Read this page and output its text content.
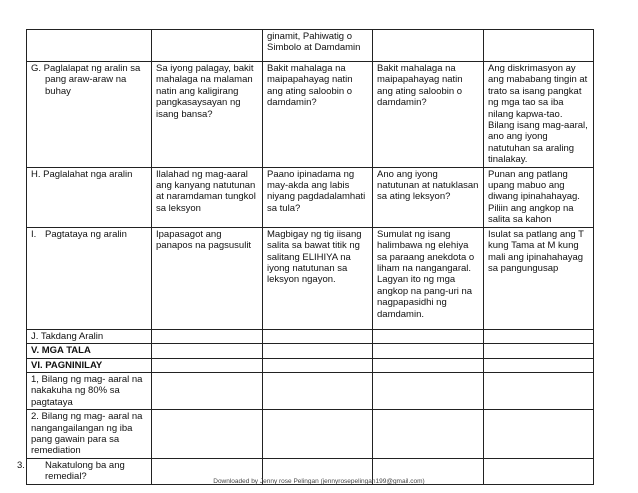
		ginamit, Pahiwatig o Simbolo at Damdamin		

G. Paglalapat ng aralin sa pang araw-araw na buhay	Sa iyong palagay, bakit mahalaga na malaman natin ang kaligirang pangkasaysayan ng isang bansa?	Bakit mahalaga na maipapahayag natin ang ating saloobin o damdamin?	Bakit mahalaga na maipapahayag natin ang ating saloobin o damdamin?	Ang diskrimasyon ay ang mababang tingin at trato sa isang pangkat ng mga tao sa iba nilang kapwa-tao. Bilang isang mag-aaral, ano ang iyong natutuhan sa araling tinalakay.

H. Paglalahat nga aralin	Ilalahad ng mag-aaral ang kanyang natutunan at naramdaman tungkol sa leksyon	Paano ipinadama ng may-akda ang labis niyang pagdadalamhati sa tula?	Ano ang iyong natutunan at natuklasan sa ating leksyon?	Punan ang patlang upang mabuo ang diwang ipinahahayag. Piliin ang angkop na salita sa kahon
I. Pagtataya ng aralin	Ipapasagot ang panapos na pagsusulit	Magbigay ng tig iisang salita sa bawat titik ng salitang ELIHIYA na iyong natutunan sa leksyon ngayon.	Sumulat ng isang halimbawa ng elehiya sa paraang anekdota o liham na nangangaral. Lagyan ito ng mga angkop na pang-uri na nagpapasidhi ng damdamin.	Isulat sa patlang ang T kung Tama at M kung mali ang ipinahahayag sa pangungusap
J. Takdang Aralin				
V. MGA TALA				
VI. PAGNINILAY				
1, Bilang ng mag- aaral na nakakuha ng 80% sa pagtataya				
2. Bilang ng mag- aaral na nangangailangan ng iba pang gawain para sa remediation				

3. Nakatulong ba ang remedial?				
					Downloaded by Jenny rose Pelingan (jennyrosepelingan199@gmail.com)
